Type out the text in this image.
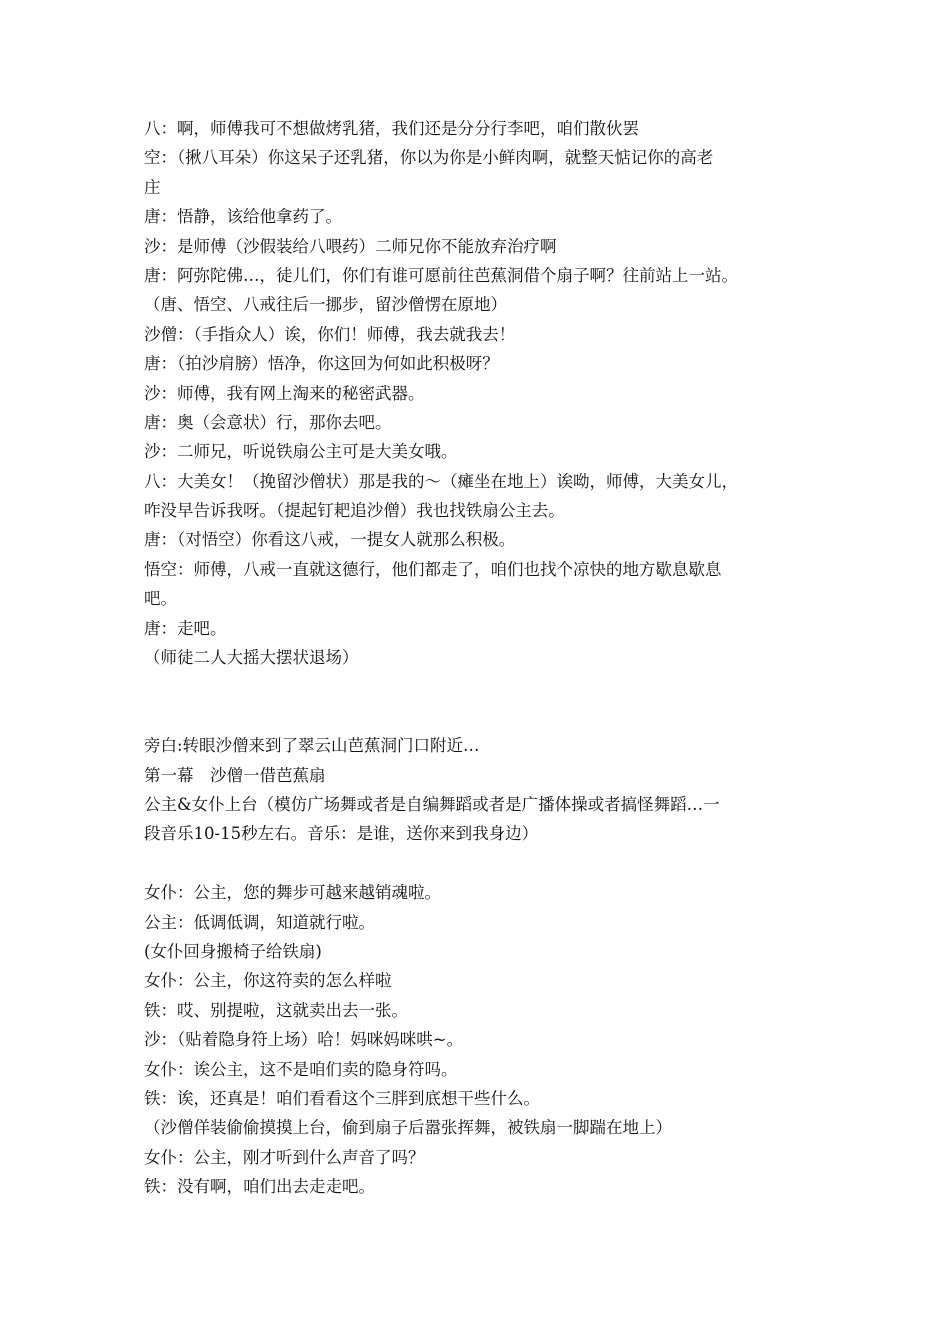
八：啊，师傅我可不想做烤乳猪，我们还是分分行李吧，咱们散伙罢

空：（揪八耳朵）你这呆子还乳猪，你以为你是小鲜肉啊，就整天惦记你的高老

庄

唐：悟静，该给他拿药了。

沙：是师傅（沙假装给八喂药）二师兄你不能放弃治疗啊

唐：阿弥陀佛…，徒儿们，你们有谁可愿前往芭蕉洞借个扇子啊？往前站上一站。

（唐、悟空、八戒往后一挪步，留沙僧愣在原地）

沙僧：（手指众人）诶，你们！师傅，我去就我去！

唐：（拍沙肩膀）悟净，你这回为何如此积极呀？

沙：师傅，我有网上淘来的秘密武器。

唐：奥（会意状）行，那你去吧。

沙：二师兄，听说铁扇公主可是大美女哦。

八：大美女！（挽留沙僧状）那是我的～（瘫坐在地上）诶呦，师傅，大美女儿，

咋没早告诉我呀。（提起钉耙追沙僧）我也找铁扇公主去。

唐：（对悟空）你看这八戒，一提女人就那么积极。

悟空：师傅，八戒一直就这德行，他们都走了，咱们也找个凉快的地方歇息歇息

吧。

唐：走吧。

（师徒二人大摇大摆状退场）

旁白:转眼沙僧来到了翠云山芭蕉洞门口附近…

第一幕　沙僧一借芭蕉扇

公主&女仆上台（模仿广场舞或者是自编舞蹈或者是广播体操或者搞怪舞蹈…一

段音乐10-15秒左右。音乐：是谁，送你来到我身边）

女仆：公主，您的舞步可越来越销魂啦。

公主：低调低调，知道就行啦。

(女仆回身搬椅子给铁扇)

女仆：公主，你这符卖的怎么样啦

铁：哎、别提啦，这就卖出去一张。

沙：（贴着隐身符上场）哈！妈咪妈咪哄~。

女仆：诶公主，这不是咱们卖的隐身符吗。

铁：诶，还真是！咱们看看这个三胖到底想干些什么。

（沙僧佯装偷偷摸摸上台，偷到扇子后嚣张挥舞，被铁扇一脚踹在地上）

女仆：公主，刚才听到什么声音了吗？

铁：没有啊，咱们出去走走吧。
